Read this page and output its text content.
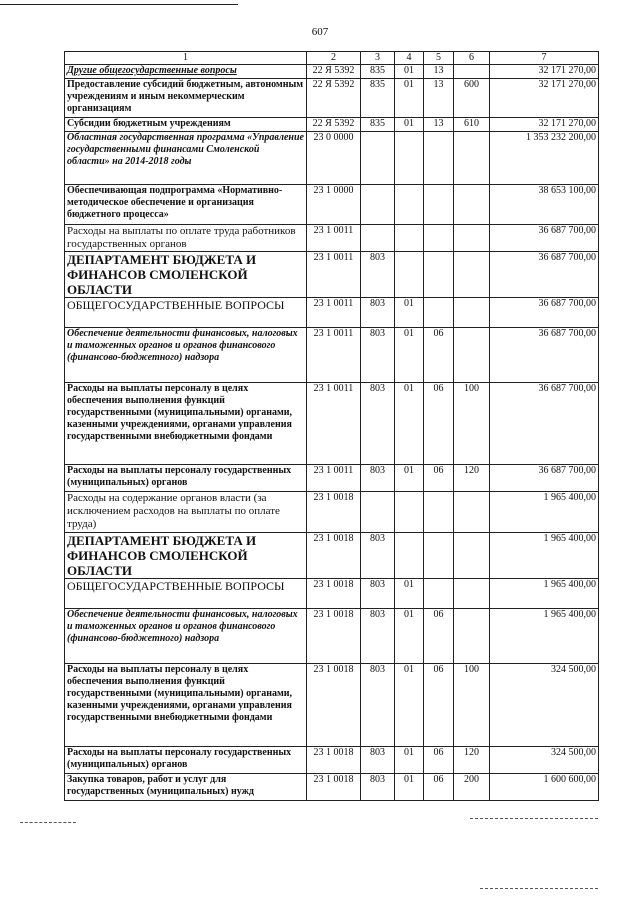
607
1	2	3	4	5	6	7
Другие общегосударственные вопросы	22 Я 5392	835	01	13		32 171 270,00
Предоставление субсидий бюджетным, автономным учреждениям и иным некоммерческим организациям	22 Я 5392	835	01	13	600	32 171 270,00
Субсидии бюджетным учреждениям	22 Я 5392	835	01	13	610	32 171 270,00
Областная государственная программа «Управление государственными финансами Смоленской области» на 2014-2018 годы	23 0 0000					1 353 232 200,00
Обеспечивающая подпрограмма «Нормативно-методическое обеспечение и организация бюджетного процесса»	23 1 0000					38 653 100,00
Расходы на выплаты по оплате труда работников государственных органов	23 1 0011					36 687 700,00
ДЕПАРТАМЕНТ БЮДЖЕТА И ФИНАНСОВ СМОЛЕНСКОЙ ОБЛАСТИ	23 1 0011	803				36 687 700,00
ОБЩЕГОСУДАРСТВЕННЫЕ ВОПРОСЫ	23 1 0011	803	01			36 687 700,00
Обеспечение деятельности финансовых, налоговых и таможенных органов и органов финансового (финансово-бюджетного) надзора	23 1 0011	803	01	06		36 687 700,00
Расходы на выплаты персоналу в целях обеспечения выполнения функций государственными (муниципальными) органами, казенными учреждениями, органами управления государственными внебюджетными фондами	23 1 0011	803	01	06	100	36 687 700,00
Расходы на выплаты персоналу государственных (муниципальных) органов	23 1 0011	803	01	06	120	36 687 700,00
Расходы на содержание органов власти (за исключением расходов на выплаты по оплате труда)	23 1 0018					1 965 400,00
ДЕПАРТАМЕНТ БЮДЖЕТА И ФИНАНСОВ СМОЛЕНСКОЙ ОБЛАСТИ	23 1 0018	803				1 965 400,00
ОБЩЕГОСУДАРСТВЕННЫЕ ВОПРОСЫ	23 1 0018	803	01			1 965 400,00
Обеспечение деятельности финансовых, налоговых и таможенных органов и органов финансового (финансово-бюджетного) надзора	23 1 0018	803	01	06		1 965 400,00
Расходы на выплаты персоналу в целях обеспечения выполнения функций государственными (муниципальными) органами, казенными учреждениями, органами управления государственными внебюджетными фондами	23 1 0018	803	01	06	100	324 500,00
Расходы на выплаты персоналу государственных (муниципальных) органов	23 1 0018	803	01	06	120	324 500,00
Закупка товаров, работ и услуг для государственных (муниципальных) нужд	23 1 0018	803	01	06	200	1 600 600,00
